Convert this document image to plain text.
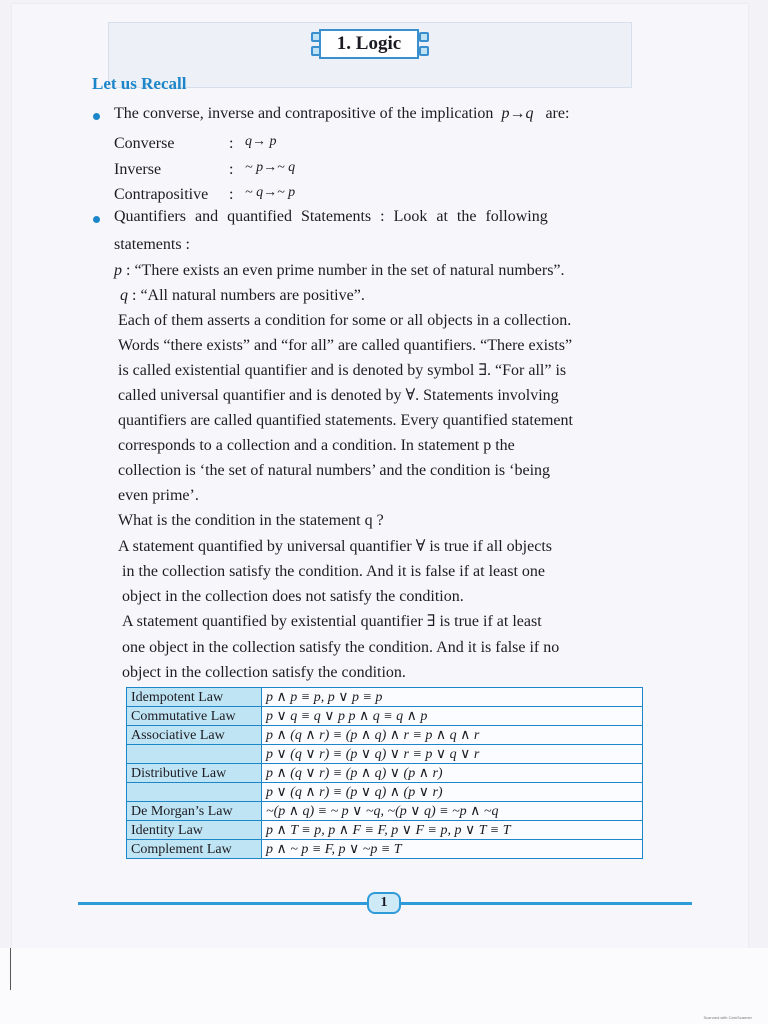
1. Logic
Let us Recall
The converse, inverse and contrapositive of the implication p→q are:
Converse	: q→ p
Inverse	: ~ p→~ q
Contrapositive : ~ q→~ p
Quantifiers and quantified Statements : Look at the following
statements :
p : “There exists an even prime number in the set of natural numbers”.
q : “All natural numbers are positive”.
Each of them asserts a condition for some or all objects in a collection.
Words “there exists” and “for all” are called quantifiers. “There exists”
is called existential quantifier and is denoted by symbol ∃. “For all” is
called universal quantifier and is denoted by ∀. Statements involving
quantifiers are called quantified statements. Every quantified statement
corresponds to a collection and a condition. In statement p the
collection is ‘the set of natural numbers’ and the condition is ‘being
even prime’.
What is the condition in the statement q ?
A statement quantified by universal quantifier ∀ is true if all objects
in the collection satisfy the condition. And it is false if at least one
object in the collection does not satisfy the condition.
A statement quantified by existential quantifier ∃ is true if at least
one object in the collection satisfy the condition. And it is false if no
object in the collection satisfy the condition.
Idempotent Law	p ∧ p ≡ p, p ∨ p ≡ p
Commutative Law	p ∨ q ≡ q ∨ p p ∧ q ≡ q ∧ p
Associative Law	p ∧ (q ∧ r) ≡ (p ∧ q) ∧ r ≡ p ∧ q ∧ r
	p ∨ (q ∨ r) ≡ (p ∨ q) ∨ r ≡ p ∨ q ∨ r
Distributive Law	p ∧ (q ∨ r) ≡ (p ∧ q) ∨ (p ∧ r)
	p ∨ (q ∧ r) ≡ (p ∨ q) ∧ (p ∨ r)
De Morgan’s Law	~(p ∧ q) ≡ ~ p ∨ ~q, ~(p ∨ q) ≡ ~p ∧ ~q
Identity Law	p ∧ T ≡ p, p ∧ F ≡ F, p ∨ F ≡ p, p ∨ T ≡ T
Complement Law	p ∧ ~ p ≡ F, p ∨ ~p ≡ T
1
Scanned with CamScanner
